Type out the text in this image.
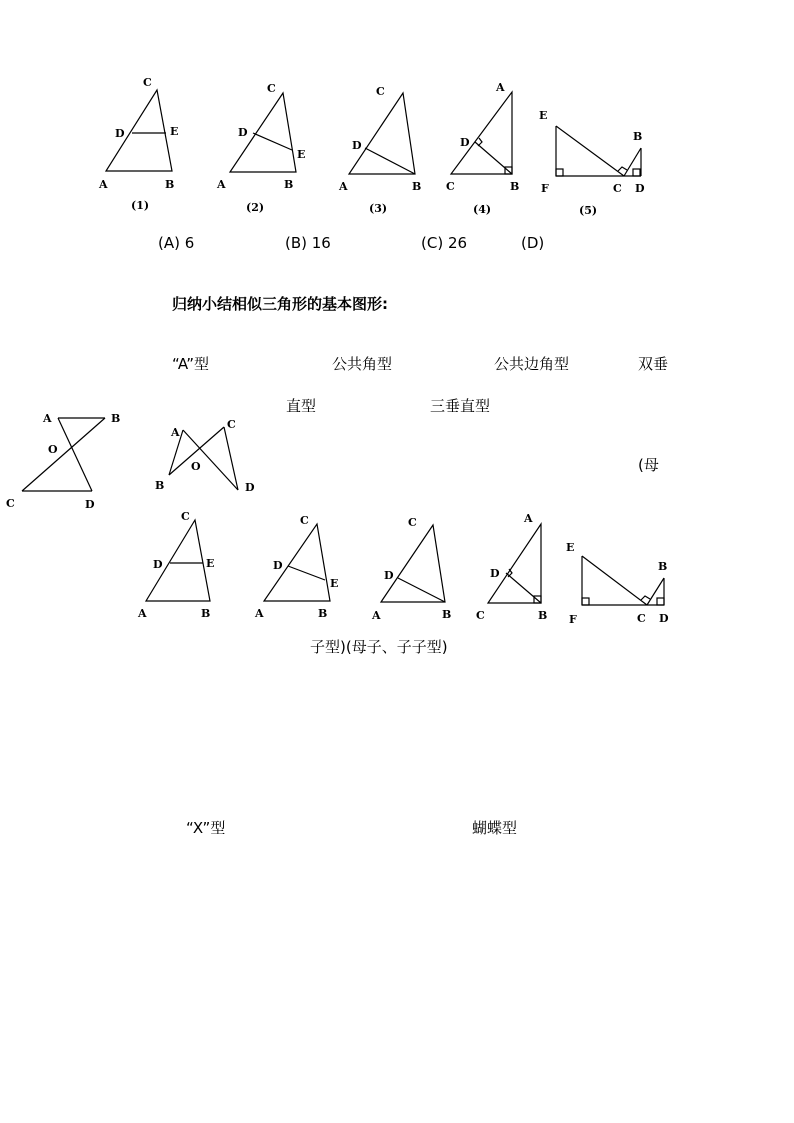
C
D	E
A	B
C
D
E
A	B
C
D
A	B
A
D
C	B
E
B
F	C D
(1)	(2)	(3)	(4)	(5)
(A) 6	(B) 16	(C) 26	(D)
归纳小结相似三角形的基本图形:
“A”型	公共角型	公共边角型	双垂
直型	三垂直型
(母
子型)(母子、子子型)
“X”型	蝴蝶型
A	B
O
C	D
A
C
O
B	D
C
D	E
A	B
C
D
E
A	B
C
D
A	B
A
D
C	B
E
B
F	C D
